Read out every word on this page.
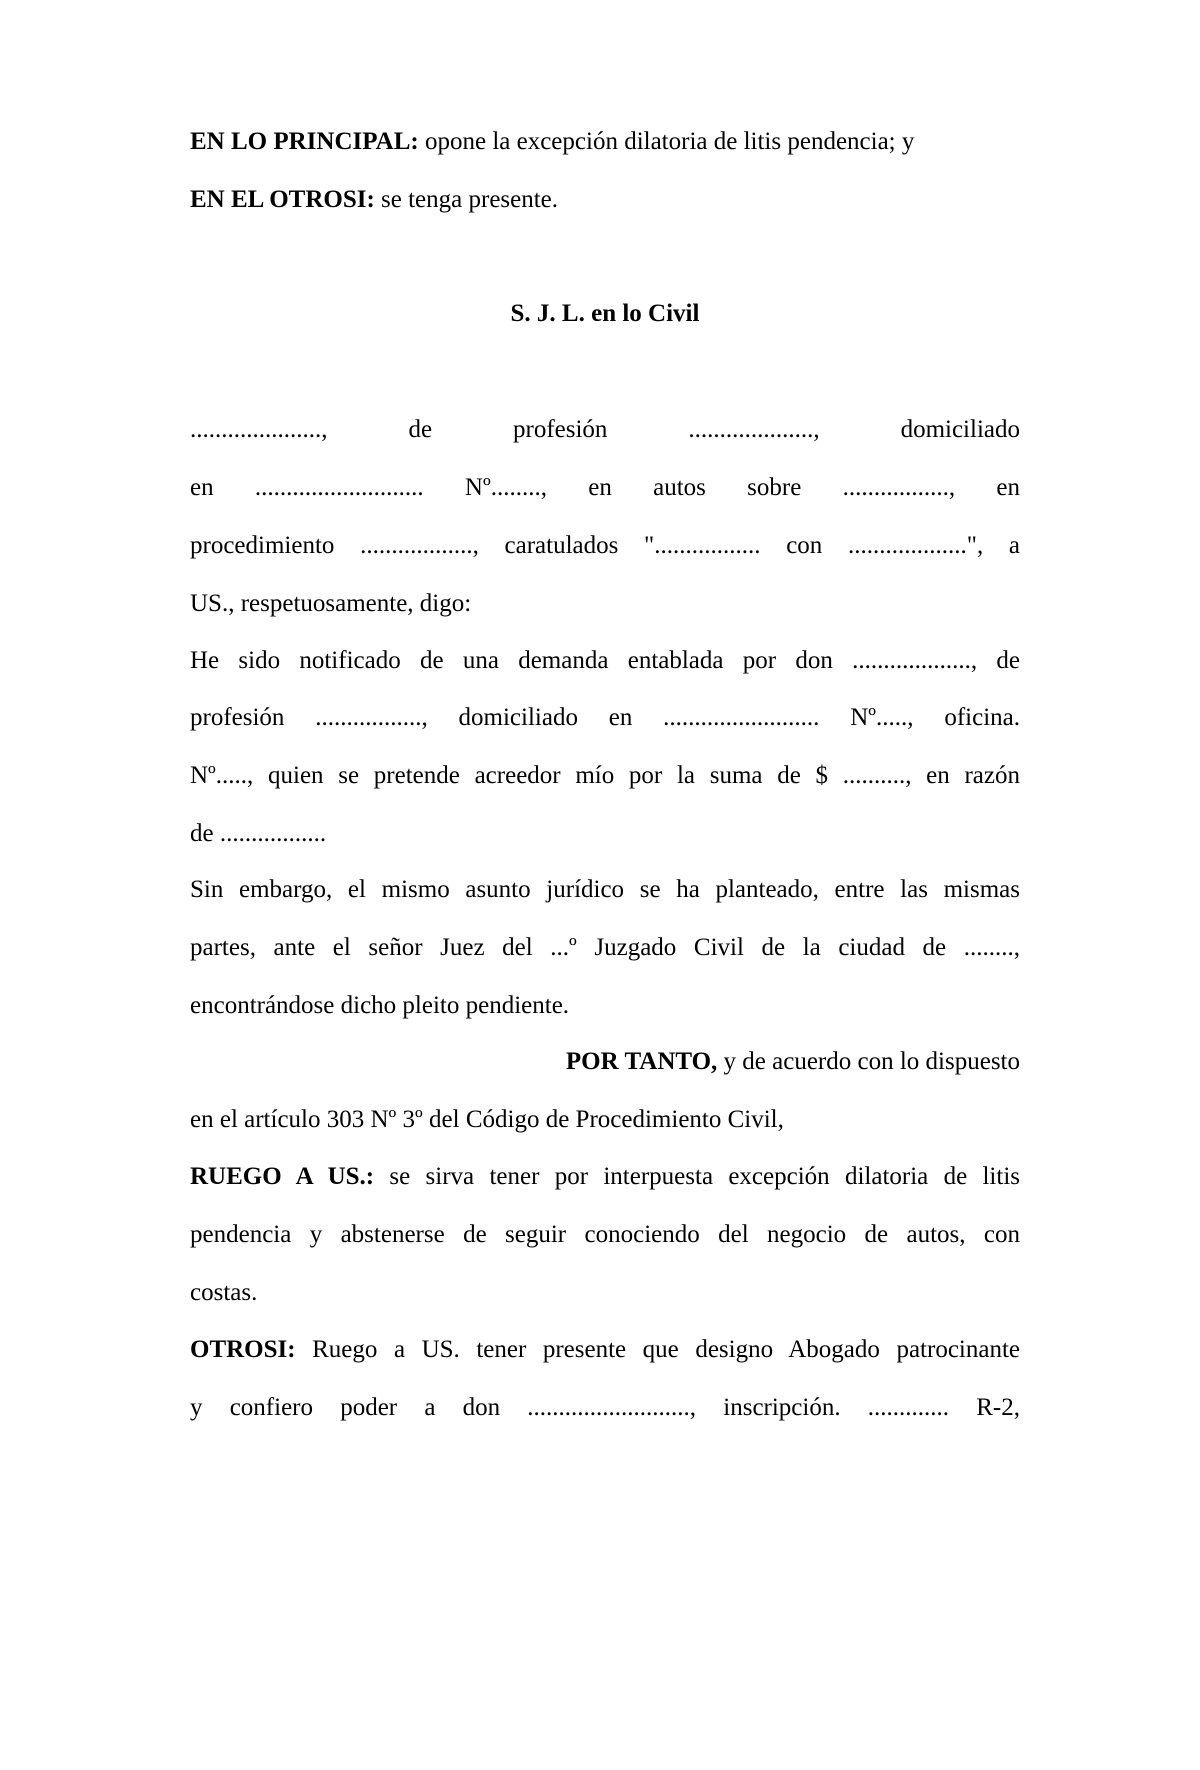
EN LO PRINCIPAL: opone la excepción dilatoria de litis pendencia; y
EN EL OTROSI: se tenga presente.
S. J. L. en lo Civil
....................., de profesión ...................., domiciliado
en ........................... Nº........, en autos sobre ................., en
procedimiento .................., caratulados "................. con ...................", a
US., respetuosamente, digo:
He sido notificado de una demanda entablada por don ..................., de
profesión ................., domiciliado en ......................... Nº....., oficina.
Nº....., quien se pretende acreedor mío por la suma de $ .........., en razón
de .................
Sin embargo, el mismo asunto jurídico se ha planteado, entre las mismas
partes, ante el señor Juez del ...º Juzgado Civil de la ciudad de ........,
encontrándose dicho pleito pendiente.
POR TANTO, y de acuerdo con lo dispuesto
en el artículo 303 Nº 3º del Código de Procedimiento Civil,
RUEGO A US.: se sirva tener por interpuesta excepción dilatoria de litis
pendencia y abstenerse de seguir conociendo del negocio de autos, con
costas.
OTROSI: Ruego a US. tener presente que designo Abogado patrocinante
y confiero poder a don .........................., inscripción. ............. R-2,
